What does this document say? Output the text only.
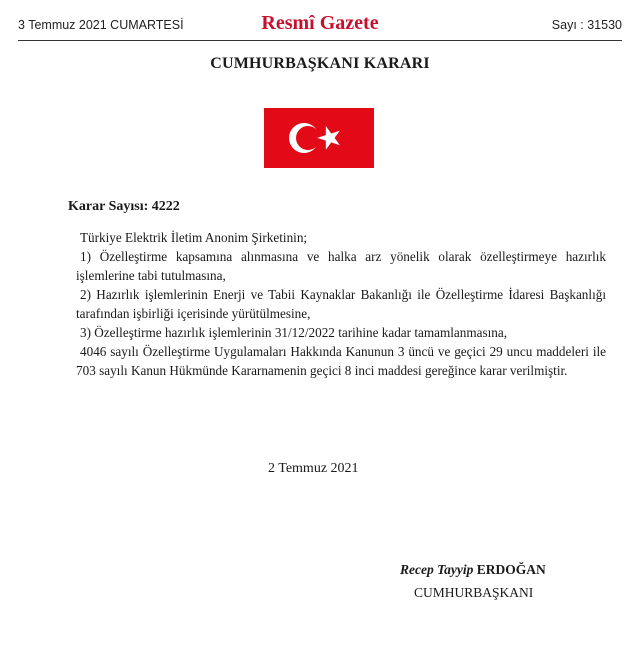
3 Temmuz 2021 CUMARTESİ	Resmî Gazete	Sayı : 31530
CUMHURBAŞKANI KARARI
Karar Sayısı: 4222

Türkiye Elektrik İletim Anonim Şirketinin;

1) Özelleştirme kapsamına alınmasına ve halka arz yönelik olarak özelleştirmeye hazırlık işlemlerine tabi tutulmasına,

2) Hazırlık işlemlerinin Enerji ve Tabii Kaynaklar Bakanlığı ile Özelleştirme İdaresi Başkanlığı tarafından işbirliği içerisinde yürütülmesine,

3) Özelleştirme hazırlık işlemlerinin 31/12/2022 tarihine kadar tamamlanmasına,

4046 sayılı Özelleştirme Uygulamaları Hakkında Kanunun 3 üncü ve geçici 29 uncu maddeleri ile 703 sayılı Kanun Hükmünde Kararnamenin geçici 8 inci maddesi gereğince karar verilmiştir.

2 Temmuz 2021
Recep Tayyip ERDOĞAN
CUMHURBAŞKANI
